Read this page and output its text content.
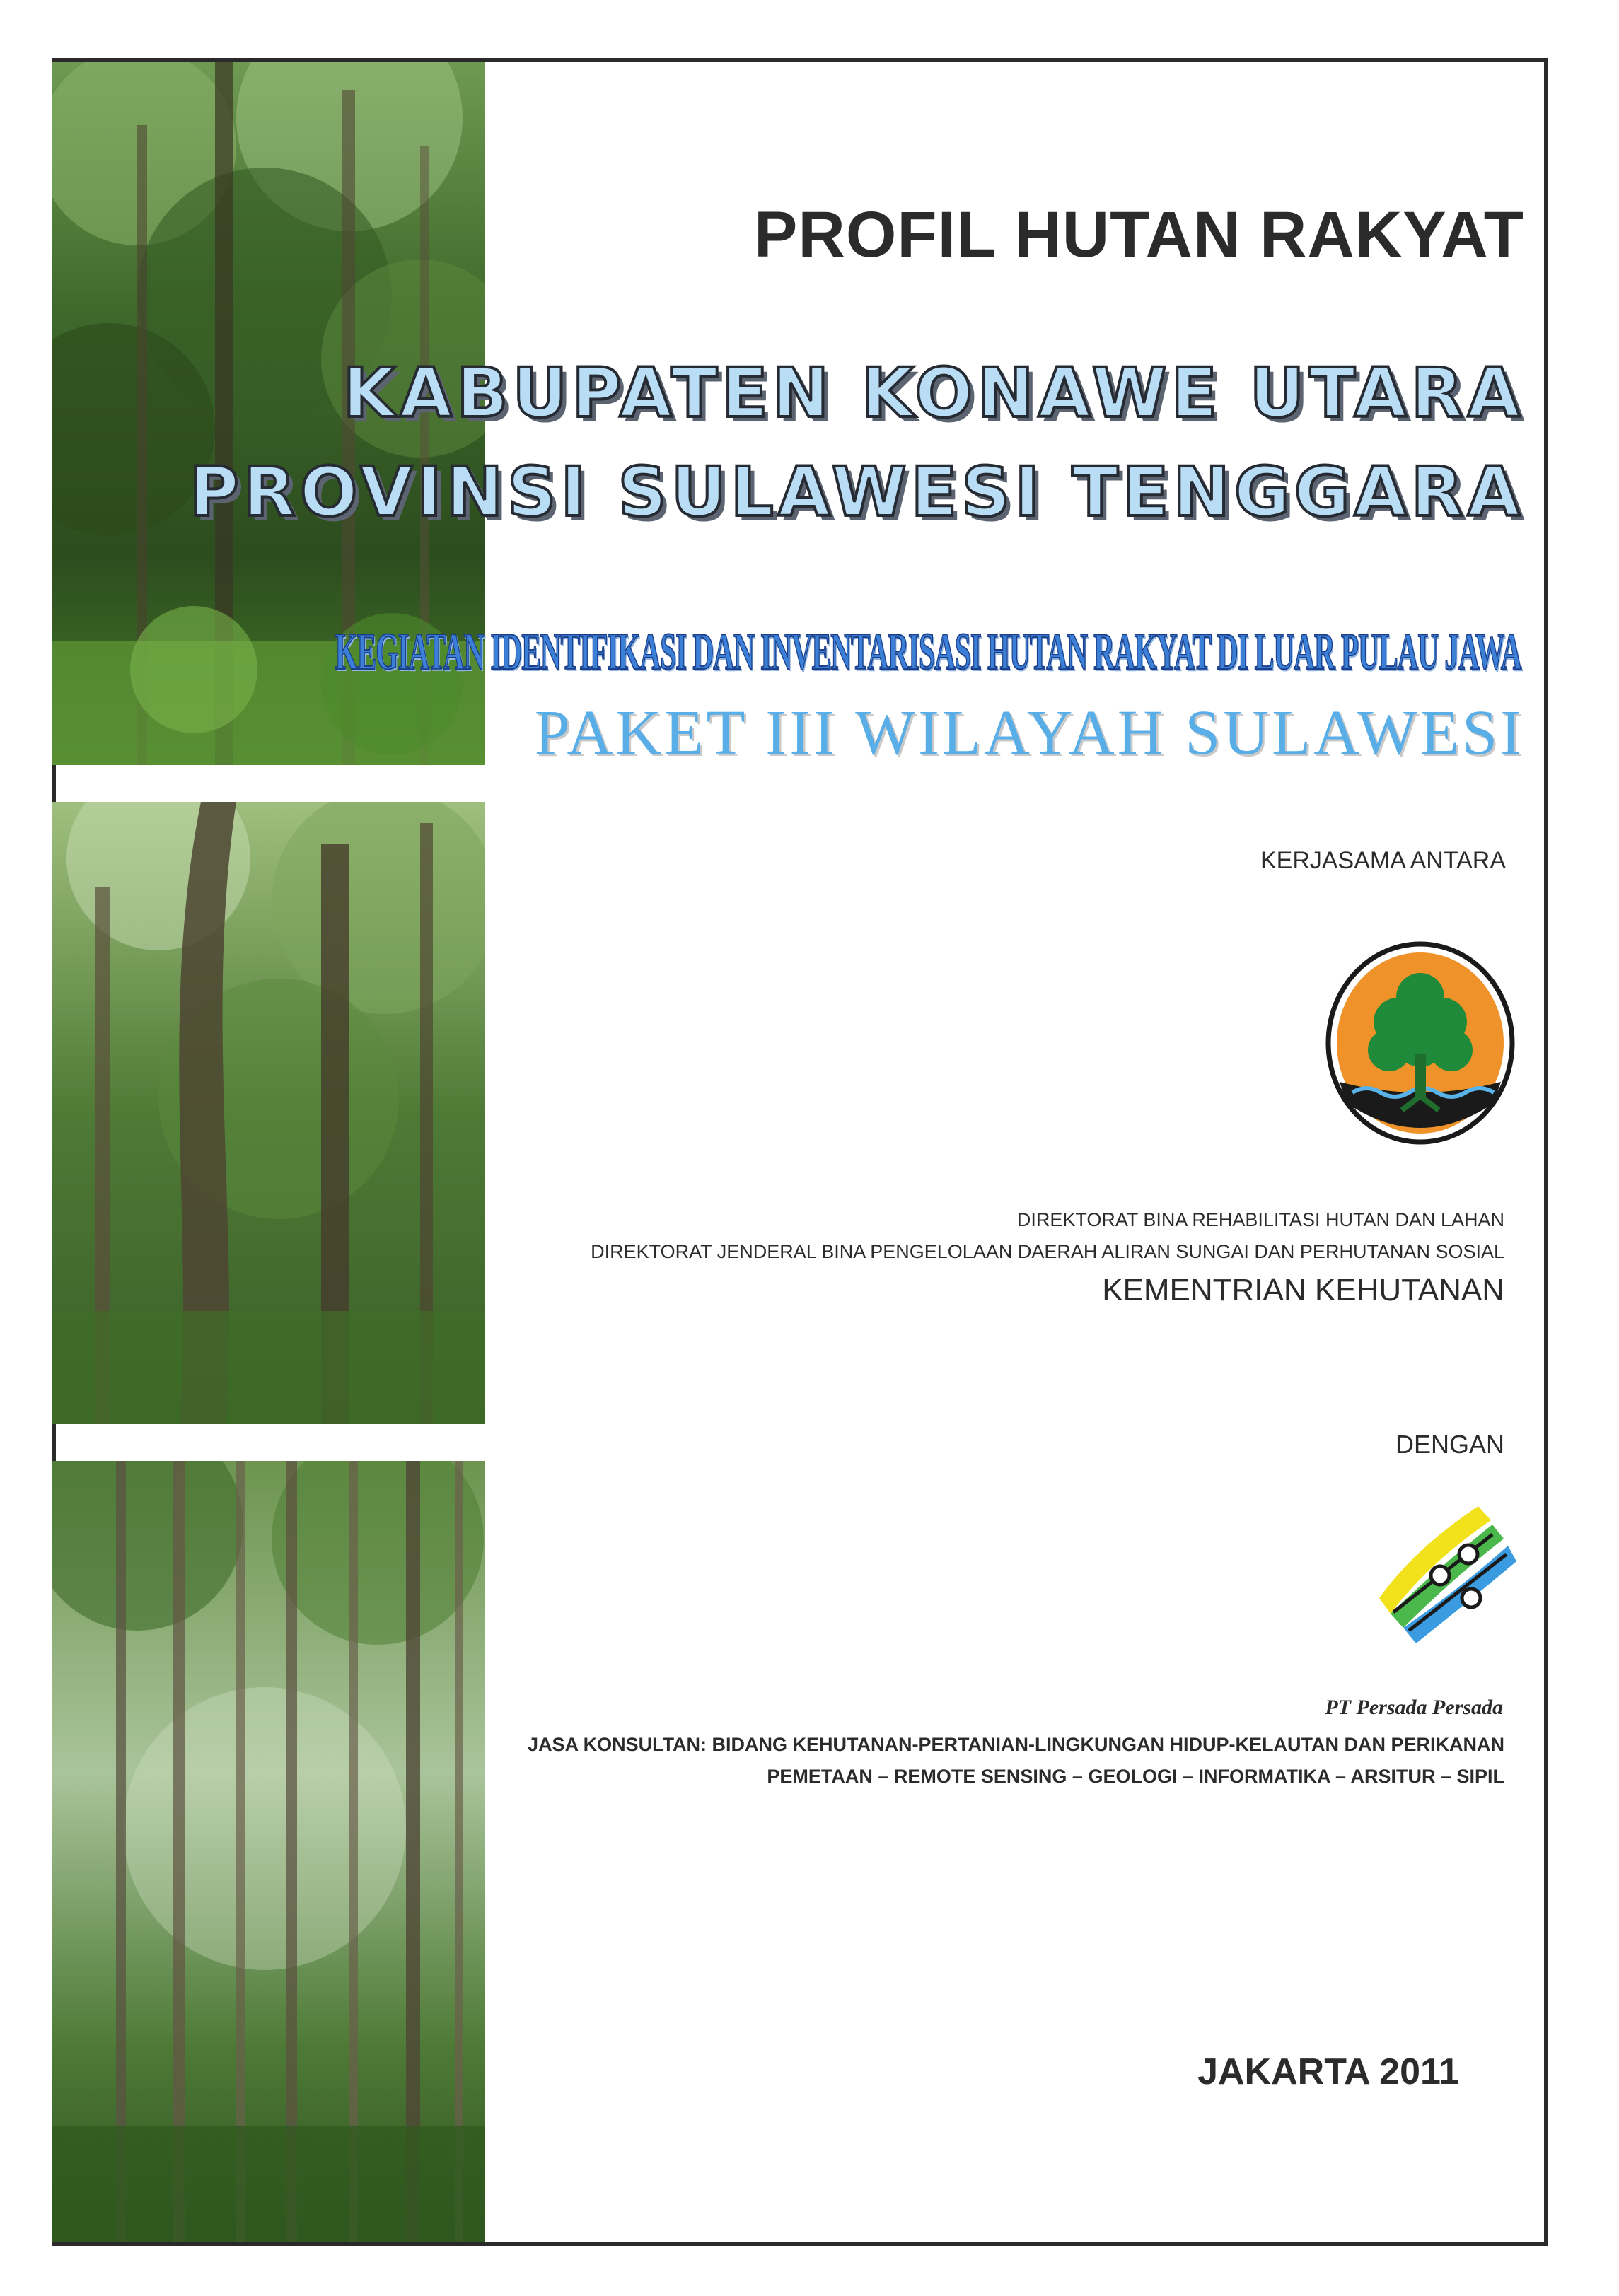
PROFIL HUTAN RAKYAT
KABUPATEN KONAWE UTARA
PROVINSI SULAWESI TENGGARA
KEGIATAN IDENTIFIKASI DAN INVENTARISASI HUTAN RAKYAT DI LUAR PULAU JAWA
PAKET III WILAYAH SULAWESI
KERJASAMA ANTARA
DIREKTORAT BINA REHABILITASI HUTAN DAN LAHAN
DIREKTORAT JENDERAL BINA PENGELOLAAN DAERAH ALIRAN SUNGAI DAN PERHUTANAN SOSIAL
KEMENTRIAN KEHUTANAN
DENGAN
PT Persada Persada
JASA KONSULTAN: BIDANG KEHUTANAN-PERTANIAN-LINGKUNGAN HIDUP-KELAUTAN DAN PERIKANAN
PEMETAAN – REMOTE SENSING – GEOLOGI – INFORMATIKA – ARSITUR – SIPIL
JAKARTA 2011
